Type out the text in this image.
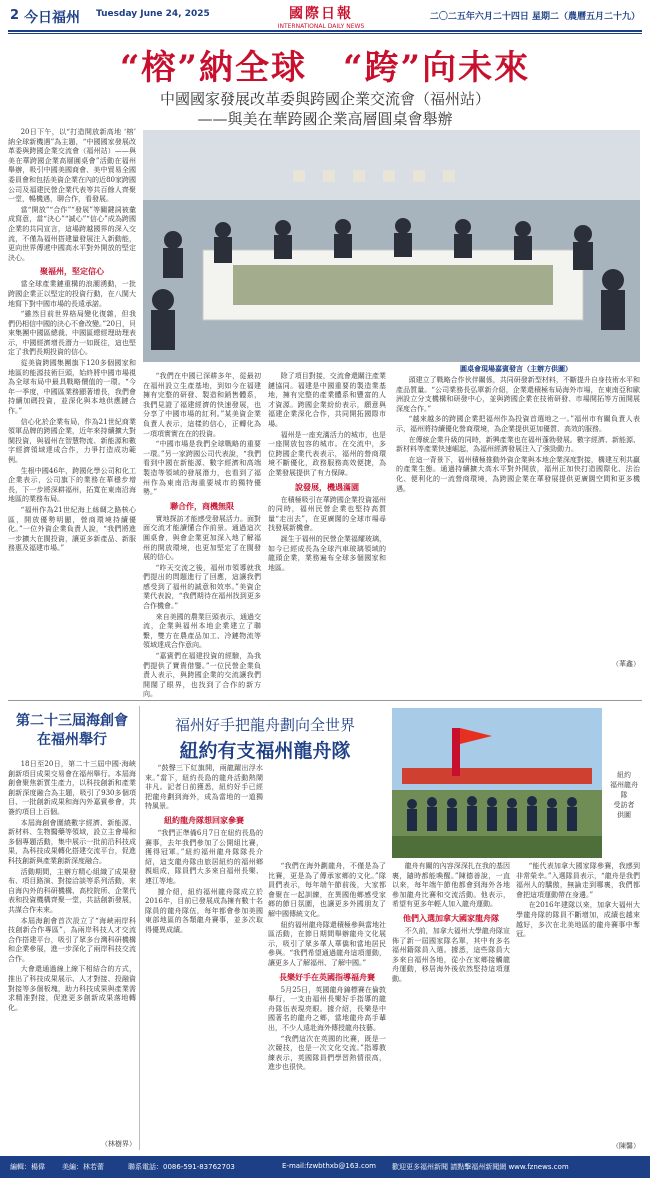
2 今日福州 Tuesday June 24, 2025	國際日報
INTERNATIONAL DAILY NEWS
二〇二五年六月二十四日 星期二（農曆五月二十九）
“榕”納全球　“跨”向未來
中國國家發展改革委與跨國企業交流會（福州站）
——與美在華跨國企業高層圓桌會舉辦

20日下午，以“打造開放新高地 ‘榕’ 納全球新機遇”為主題，“中國國家發展改革委與跨國企業交流會（福州站）——與美在華跨國企業高層圓桌會”活動在福州舉辦，吸引中國美國商會、美中貿易全國委員會和包括美資企業在內的近80家跨國公司及福建民營企業代表等共百餘人齊聚一堂，暢機遇，聊合作，看發展。

當“開放”“合作”“發展”等關鍵詞被彙成寫意，當“決心”“誠心”“信心”成為跨國企業的共同宣言，這場跨越國界的深入交流，不僅為福州搭建量發展注入新動能，更向世界傳遞中國高水平對外開放的堅定決心。

聚福州，堅定信心

當全球產業鏈重構的浪潮湧動，一批跨國企業正以堅定的投資行動，在八閩大地寫下對中國市場的長遠承諾。

“雖然目前世界格局變化復雜，但我們仍相信中國的決心不會改變。”20日，貝來集團中國區總裁、中國區總經理助理表示，中國經濟增長潛力一如既往，這也堅定了我們長期投資的信心。

從美資跨國集團旗下120多個國家和地區的能源技術巨頭，始終將中國市場視為全球布局中最具戰略價值的一環。“今年一季度，中國區業務顯著增長，我們會持續加碼投資，並深化與本地供應鏈合作。”

信心化於企業布局，作為21世紀商業領軍品牌的跨國企業，近年來持續擴大對閩投資，與福州在智慧物流、新能源和數字經濟領域達成合作，力爭打造成功範例。

生根中國46年，跨國化學公司和化工企業表示，公司旗下的業務在華穩步增長，下一步將深耕福州，拓寬在東南沿海地區的業務布局。

“福州作為21世紀海上絲綢之路核心區，開放優勢明顯，營商環境持續優化。”一位外資企業負責人說，“我們將進一步擴大在閩投資，讓更多新產品、新服務惠及福建市場。”

“我們在中國已深耕多年，從最初在福州設立生產基地，到如今在福建擁有完整的研發、製造和銷售體系，我們見證了福建經濟的快速發展，也分享了中國市場的紅利。”某美資企業負責人表示，這樣的信心，正轉化為一項項實實在在的投資。

“中國市場是我們全球戰略的重要一環。”另一家跨國公司代表說，“我們看到中國在新能源、數字經濟和高端製造等領域的發展潛力，也看到了福州作為東南沿海重要城市的獨特優勢。”

聯合作，商機無限

實地探訪才能感受發展活力。面對面交流才能讀懂合作前景。通過這次圓桌會，與會企業更加深入地了解福州的開放環境，也更加堅定了在閩發展的信心。

“昨天交流之後，福州市領導就我們提出的問題進行了回應，這讓我們感受到了福州的誠意和效率。”美資企業代表說，“我們期待在福州找到更多合作機會。”

來自美國的農業巨頭表示，通過交流，企業與福州本地企業建立了聯繫，雙方在農產品加工、冷鏈物流等領域達成合作意向。

“嘉賓們在福建投資的經驗，為我們提供了寶貴借鑒。”一位民營企業負責人表示，與跨國企業的交流讓我們開闊了眼界，也找到了合作的新方向。

除了項目對接，交流會還關注產業鏈協同。福建是中國重要的製造業基地，擁有完整的產業體系和豐富的人才資源。跨國企業紛紛表示，願意與福建企業深化合作，共同開拓國際市場。

福州是一座充滿活力的城市，也是一座開放包容的城市。在交流中，多位跨國企業代表表示，福州的營商環境不斷優化，政務服務高效便捷，為企業發展提供了有力保障。

說發展，機遇滿園

在積極吸引在華跨國企業投資福州的同時，福州民營企業也堅持高質量“走出去”，在更廣闊的全球市場尋找發展新機會。

誕生于福州的民營企業福耀玻璃，如今已經成長為全球汽車玻璃領域的龍頭企業，業務遍布全球多個國家和地區。

圓桌會現場嘉賓發言（主辦方供圖）

頭建立了戰略合作伙伴關係，共同研發新型材料，不斷提升自身技術水平和產品質量。“公司業務長弘單新介紹，企業還積極布局海外市場，在東南亞和歐洲設立分支機構和研發中心，並與跨國企業在技術研發、市場開拓等方面開展深度合作。”

“越來越多的跨國企業把福州作為投資首選地之一。”福州市有關負責人表示，福州將持續優化營商環境，為企業提供更加優質、高效的服務。

在傳統企業升級的同時，新興產業也在福州蓬勃發展。數字經濟、新能源、新材料等產業快速崛起，為福州經濟發展注入了強勁動力。

在這一背景下，福州積極推動外資企業與本地企業深度對接，構建互利共贏的產業生態。通過持續擴大高水平對外開放，福州正加快打造國際化、法治化、便利化的一流營商環境，為跨國企業在華發展提供更廣闊空間和更多機遇。

（華鑫）
第二十三屆海創會
在福州舉行

18日至20日，第二十三屆中國·海峽創新項目成果交易會在福州舉行。本屆海創會聚焦新質生產力，以科技創新和產業創新深度融合為主題，吸引了930多個項目、一批創新成果和海內外嘉賓參會，共簽約項目上百個。

本屆海創會圍繞數字經濟、新能源、新材料、生物醫藥等領域，設立主會場和多個專題活動，集中展示一批前沿科技成果，為科技成果轉化搭建交流平台，促進科技創新與產業創新深度融合。

活動期間，主辦方精心組織了成果發布、項目路演、對接洽談等系列活動，來自海內外的科研機構、高校院所、企業代表和投資機構齊聚一堂，共話創新發展，共謀合作未來。

本屆海創會首次設立了“海峽兩岸科技創新合作專區”，為兩岸科技人才交流合作搭建平台，吸引了眾多台灣科研機構和企業參展，進一步深化了兩岸科技交流合作。

大會還通過線上線下相結合的方式，推出了科技成果展示、人才對接、投融資對接等多個板塊，助力科技成果與產業需求精准對接，促進更多創新成果落地轉化。

（林樹界）
福州好手把龍舟劃向全世界
紐約有支福州龍舟隊
紐約
福州龍舟
隊
受訪者
供圖

“鼓聲三下紅旗開，兩龍躍出浮水來。”當下，紐約長島的龍舟活動熱鬧非凡。記者日前獲悉，紐約好手已經把龍舟劃到海外，成為當地的一道獨特風景。

紐約龍舟隊想回家參賽

“我們正準備6月7日在紐約長島的賽事，去年我們參加了公開組比賽，獲得冠軍。”紐約福州龍舟隊隊長介紹，這支龍舟隊由旅居紐約的福州鄉親組成，隊員們大多來自福州長樂、連江等地。

據介紹，紐約福州龍舟隊成立於2016年，目前已發展成為擁有數十名隊員的龍舟隊伍，每年都會參加美國東部地區的各類龍舟賽事，並多次取得優異成績。

“我們在海外劃龍舟，不僅是為了比賽，更是為了傳承家鄉的文化。”隊員們表示，每年端午節前後，大家都會聚在一起訓練，在異國他鄉感受家鄉的節日氛圍，也讓更多外國朋友了解中國傳統文化。

紐約福州龍舟隊還積極參與當地社區活動，在節日期間舉辦龍舟文化展示，吸引了眾多華人華僑和當地居民參與。“我們希望通過龍舟這項運動，讓更多人了解福州、了解中國。”

長樂好手在英國指導福舟賽

5月25日，英國龍舟錦標賽在倫敦舉行，一支由福州長樂好手指導的龍舟隊伍表現亮眼。據介紹，長樂是中國著名的龍舟之鄉，當地龍舟高手輩出，不少人遠赴海外傳授龍舟技藝。

“我們這次在英國的比賽，既是一次競技，也是一次文化交流。”指導教練表示，英國隊員們學習熱情很高，進步也很快。

龍舟有關的內容深深扎在我的基因裏，隨時都能喚醒。”陳德善說，一直以來，每年端午節他都會到海外各地參加龍舟比賽和交流活動。他表示，希望有更多年輕人加入龍舟運動。

他們入選加拿大國家龍舟隊

不久前，加拿大福州大學龍舟隊宣佈了新一屆國家隊名單，其中有多名福州籍隊員入選。據悉，這些隊員大多來自福州各地，從小在家鄉接觸龍舟運動，移居海外後依然堅持這項運動。

“能代表加拿大國家隊參賽，我感到非常榮幸。”入選隊員表示，“龍舟是我們福州人的驕傲，無論走到哪裏，我們都會把這項運動帶在身邊。”

在2016年建隊以來，加拿大福州大學龍舟隊的隊員不斷增加，成績也越來越好，多次在北美地區的龍舟賽事中奪冠。

（陳馨）
編輯：楊偉 美編：林若蕾	聯系電話：0086-591-83762703	E-mail:fzwbthxb@163.com 歡迎更多福州新聞 請點擊福州新聞網 www.fznews.com
